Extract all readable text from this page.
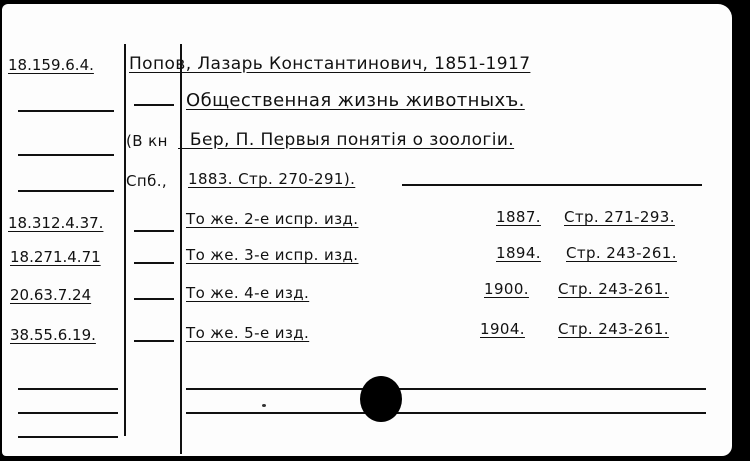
18.159.6.4. Попов, Лазарь Константинович, 1851-1917
Общественная жизнь животныхъ.
(В кн : Бер, П. Первыя понятія о зоологіи.
Спб., 1883. Стр. 270-291).
18.312.4.37.	То же. 2-е испр. изд.	1887. Стр. 271-293.
18.271.4.71	То же. 3-е испр. изд.	1894. Стр. 243-261.
20.63.7.24	То же. 4-е изд.	1900. Стр. 243-261.
38.55.6.19.	То же. 5-е изд.	1904. Стр. 243-261.
